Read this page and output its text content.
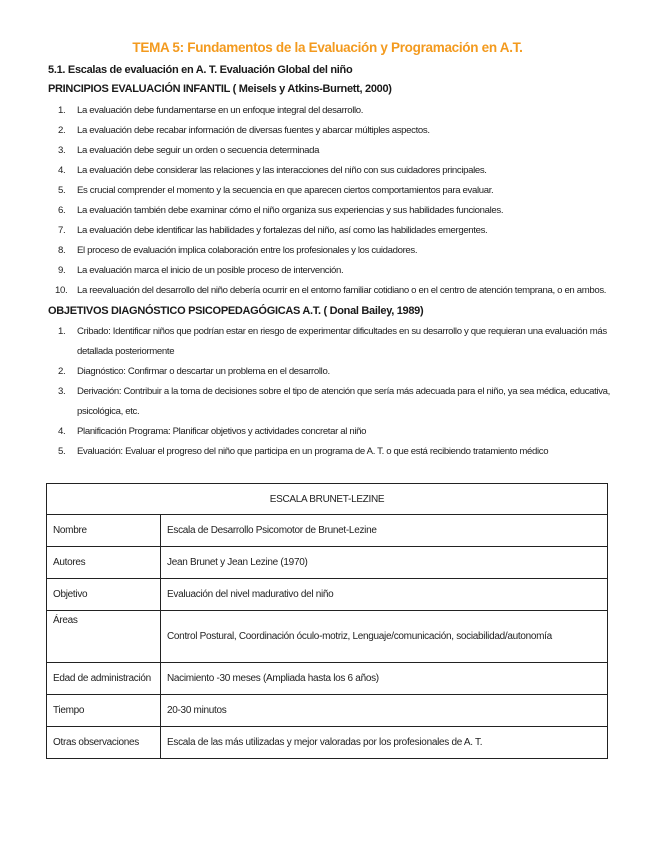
TEMA 5: Fundamentos de la Evaluación y Programación en A.T.
5.1. Escalas de evaluación en A. T. Evaluación Global del niño
PRINCIPIOS EVALUACIÓN INFANTIL ( Meisels y Atkins-Burnett, 2000)
1.	La evaluación debe fundamentarse en un enfoque integral del desarrollo.
2.	La evaluación debe recabar información de diversas fuentes y abarcar múltiples aspectos.
3.	La evaluación debe seguir un orden o secuencia determinada
4.	La evaluación debe considerar las relaciones y las interacciones del niño con sus cuidadores principales.
5.	Es crucial comprender el momento y la secuencia en que aparecen ciertos comportamientos para evaluar.
6.	La evaluación también debe examinar cómo el niño organiza sus experiencias y sus habilidades funcionales.
7.	La evaluación debe identificar las habilidades y fortalezas del niño, así como las habilidades emergentes.
8.	El proceso de evaluación implica colaboración entre los profesionales y los cuidadores.
9.	La evaluación marca el inicio de un posible proceso de intervención.
10. La reevaluación del desarrollo del niño debería ocurrir en el entorno familiar cotidiano o en el centro de atención temprana, o en ambos.
OBJETIVOS DIAGNÓSTICO PSICOPEDAGÓGICAS A.T. ( Donal Bailey, 1989)
1.	Cribado: Identificar niños que podrían estar en riesgo de experimentar dificultades en su desarrollo y que requieran una evaluación más detallada posteriormente
2.	Diagnóstico: Confirmar o descartar un problema en el desarrollo.
3.	Derivación: Contribuir a la toma de decisiones sobre el tipo de atención que sería más adecuada para el niño, ya sea médica, educativa, psicológica, etc.
4.	Planificación Programa: Planificar objetivos y actividades concretar al niño
5.	Evaluación: Evaluar el progreso del niño que participa en un programa de A. T. o que está recibiendo tratamiento médico
ESCALA BRUNET-LEZINE	
Nombre	Escala de Desarrollo Psicomotor de Brunet-Lezine
Autores	Jean Brunet y Jean Lezine (1970)
Objetivo	Evaluación del nivel madurativo del niño
Áreas	Control Postural, Coordinación óculo-motriz, Lenguaje/comunicación, sociabilidad/autonomía
Edad de administración	Nacimiento -30 meses (Ampliada hasta los 6 años)
Tiempo	20-30 minutos
Otras observaciones	Escala de las más utilizadas y mejor valoradas por los profesionales de A. T.
